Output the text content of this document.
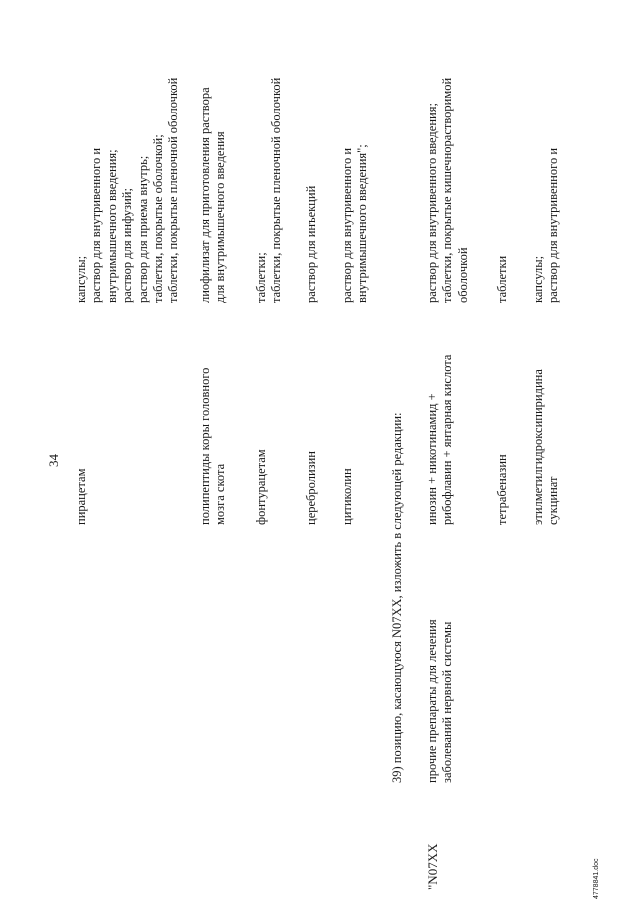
34
пирацетам
капсулы; раствор для внутривенного и внутримышечного введения; раствор для инфузий; раствор для приема внутрь; таблетки, покрытые оболочкой; таблетки, покрытые пленочной оболочкой
полипептиды коры головного мозга скота
лиофилизат для приготовления раствора для внутримышечного введения
фонтурацетам
таблетки; таблетки, покрытые пленочной оболочкой
церебролизин
раствор для инъекций
цитиколин
раствор для внутривенного и внутримышечного введения";
39) позицию, касающуюся N07XX, изложить в следующей редакции:
"N07XX
прочие препараты для лечения заболеваний нервной системы
инозин + никотинамид + рибофлавин + янтарная кислота
раствор для внутривенного введения; таблетки, покрытые кишечнорастворимой оболочкой
тетрабеназин
таблетки
этилметилгидроксипиридина сукцинат
капсулы; раствор для внутривенного и
4778841.doc
